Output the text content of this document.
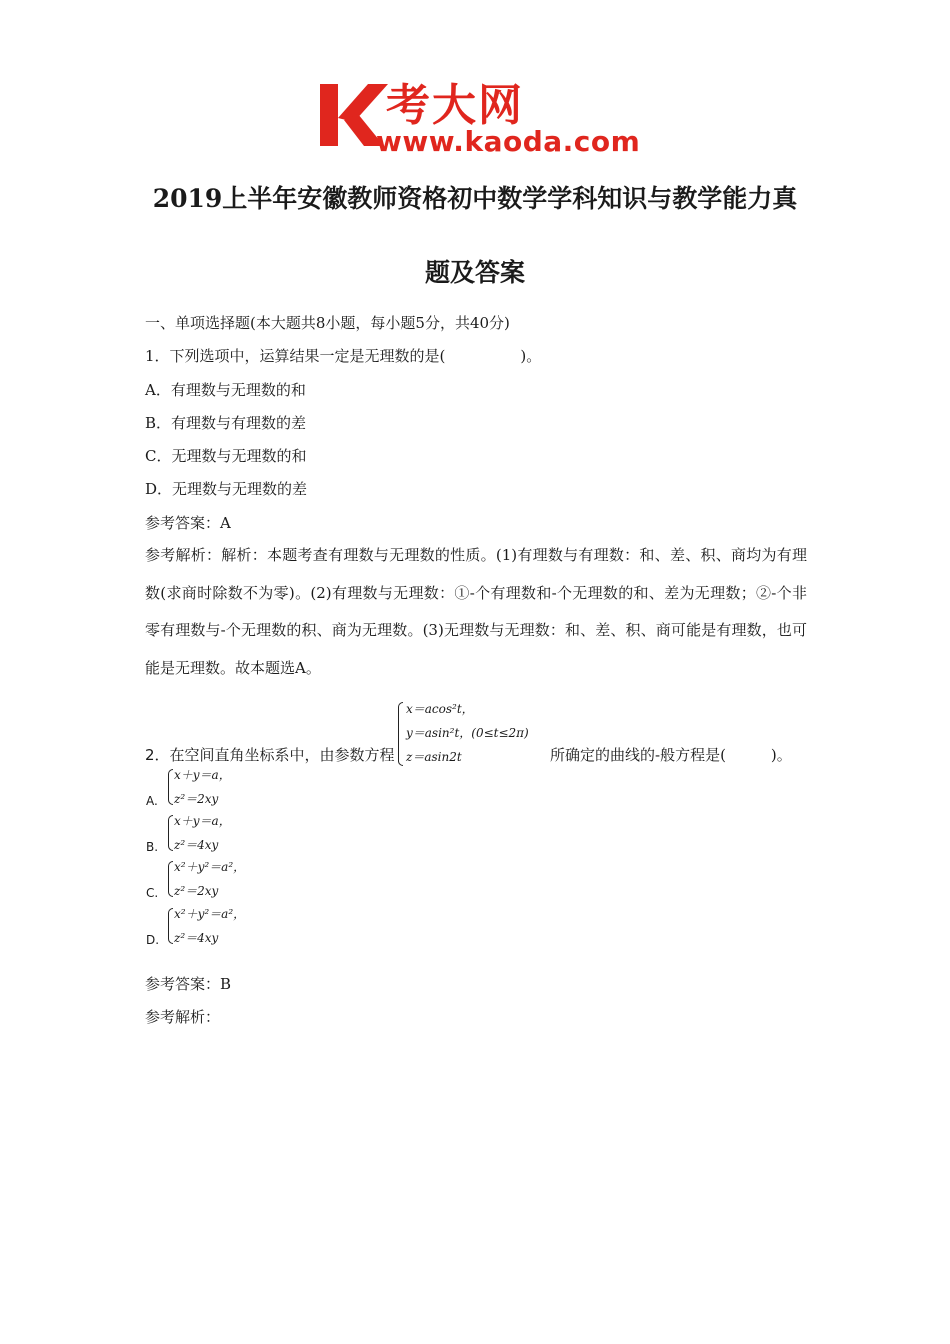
考大网
www.kaoda.com
2019上半年安徽教师资格初中数学学科知识与教学能力真
题及答案
一、单项选择题(本大题共8小题，每小题5分，共40分)
1．下列选项中，运算结果一定是无理数的是(　　　　　)。
A．有理数与无理数的和
B．有理数与有理数的差
C．无理数与无理数的和
D．无理数与无理数的差
参考答案：A
参考解析：解析：本题考查有理数与无理数的性质。(1)有理数与有理数：和、差、积、商均为有理数(求商时除数不为零)。(2)有理数与无理数：①-个有理数和-个无理数的和、差为无理数；②-个非零有理数与-个无理数的积、商为无理数。(3)无理数与无理数：和、差、积、商可能是有理数，也可能是无理数。故本题选A。
2．在空间直角坐标系中，由参数方程
x＝acos²t，
y＝asin²t，(0≤t≤2π)
z＝asin2t	所确定的曲线的-般方程是(　　　)。
A.
x＋y＝a，
z²＝2xy
B.
x＋y＝a，
z²＝4xy
C.
x²＋y²＝a²，
z²＝2xy
D.
x²＋y²＝a²，
z²＝4xy
参考答案：B
参考解析：
